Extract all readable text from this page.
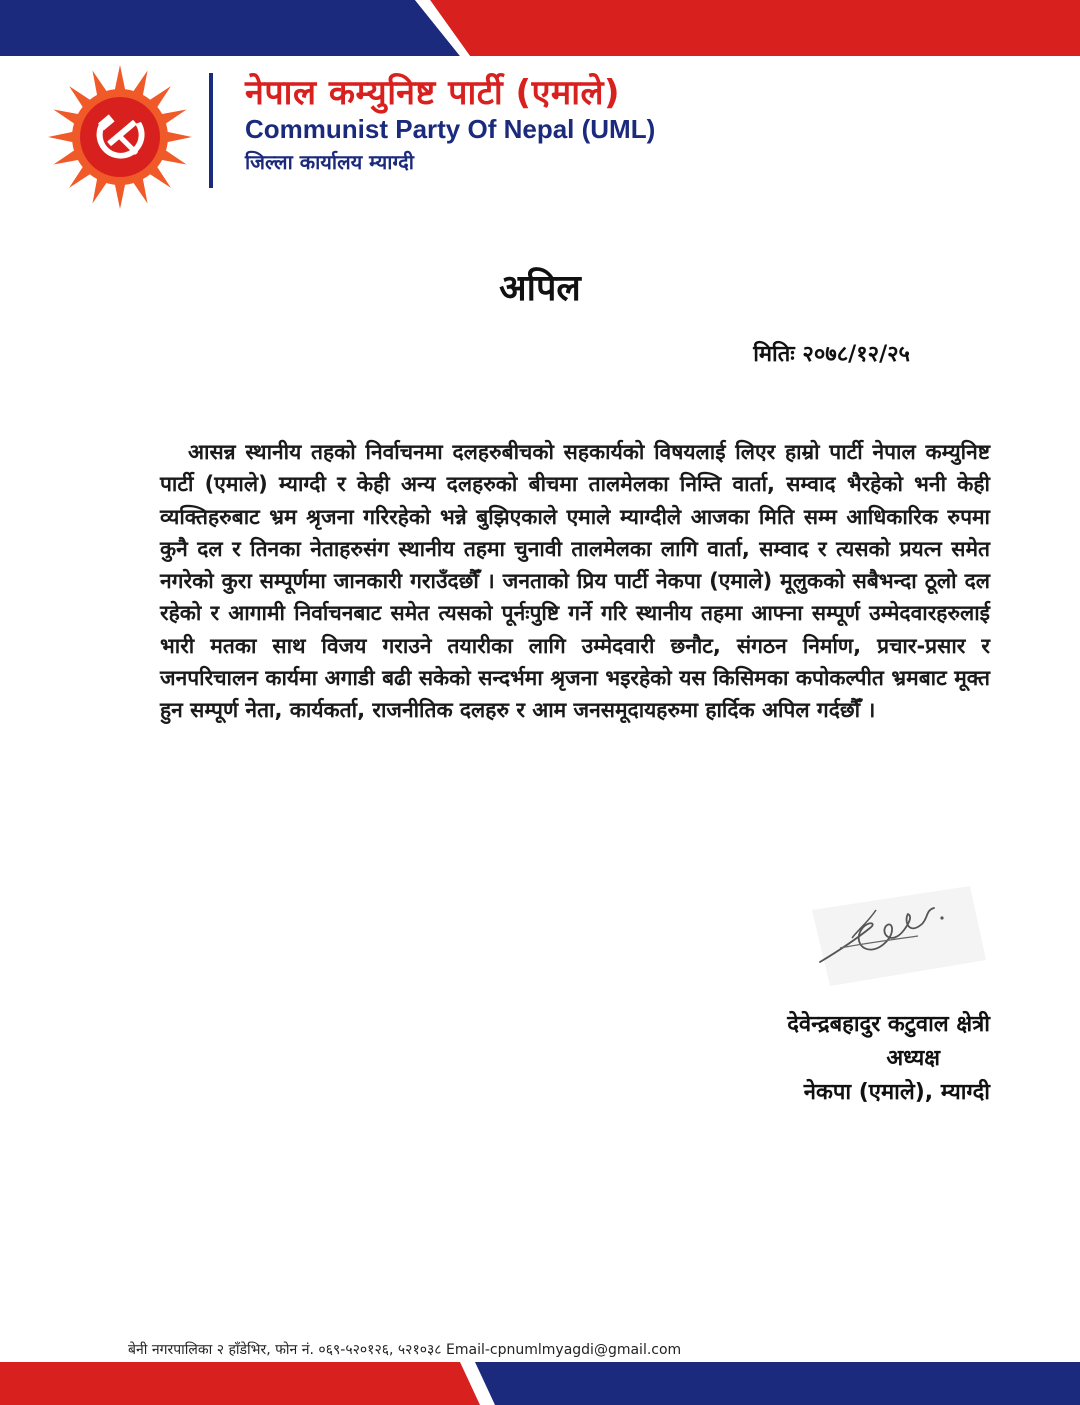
नेपाल कम्युनिष्ट पार्टी (एमाले)
Communist Party Of Nepal (UML)
जिल्ला कार्यालय म्याग्दी
अपिल
मितिः २०७८/१२/२५

आसन्न स्थानीय तहको निर्वाचनमा दलहरुबीचको सहकार्यको विषयलाई लिएर हाम्रो पार्टी नेपाल कम्युनिष्ट पार्टी (एमाले) म्याग्दी र केही अन्य दलहरुको बीचमा तालमेलका निम्ति वार्ता, सम्वाद भैरहेको भनी केही व्यक्तिहरुबाट भ्रम श्रृजना गरिरहेको भन्ने बुझिएकाले एमाले म्याग्दीले आजका मिति सम्म आधिकारिक रुपमा कुनै दल र तिनका नेताहरुसंग स्थानीय तहमा चुनावी तालमेलका लागि वार्ता, सम्वाद र त्यसको प्रयत्न समेत नगरेको कुरा सम्पूर्णमा जानकारी गराउँदछौँ । जनताको प्रिय पार्टी नेकपा (एमाले) मूलुकको सबैभन्दा ठूलो दल रहेको र आगामी निर्वाचनबाट समेत त्यसको पूर्नःपुष्टि गर्ने गरि स्थानीय तहमा आफ्ना सम्पूर्ण उम्मेदवारहरुलाई भारी मतका साथ विजय गराउने तयारीका लागि उम्मेदवारी छनौट, संगठन निर्माण, प्रचार-प्रसार र जनपरिचालन कार्यमा अगाडी बढी सकेको सन्दर्भमा श्रृजना भइरहेको यस किसिमका कपोकल्पीत भ्रमबाट मूक्त हुन सम्पूर्ण नेता, कार्यकर्ता, राजनीतिक दलहरु र आम जनसमूदायहरुमा हार्दिक अपिल गर्दछौँ ।

देवेन्द्रबहादुर कटुवाल क्षेत्री
अध्यक्ष
नेकपा (एमाले), म्याग्दी
बेनी नगरपालिका २ हाँडेभिर, फोन नं. ०६९-५२०१२६, ५२१०३८ Email-cpnumlmyagdi@gmail.com
